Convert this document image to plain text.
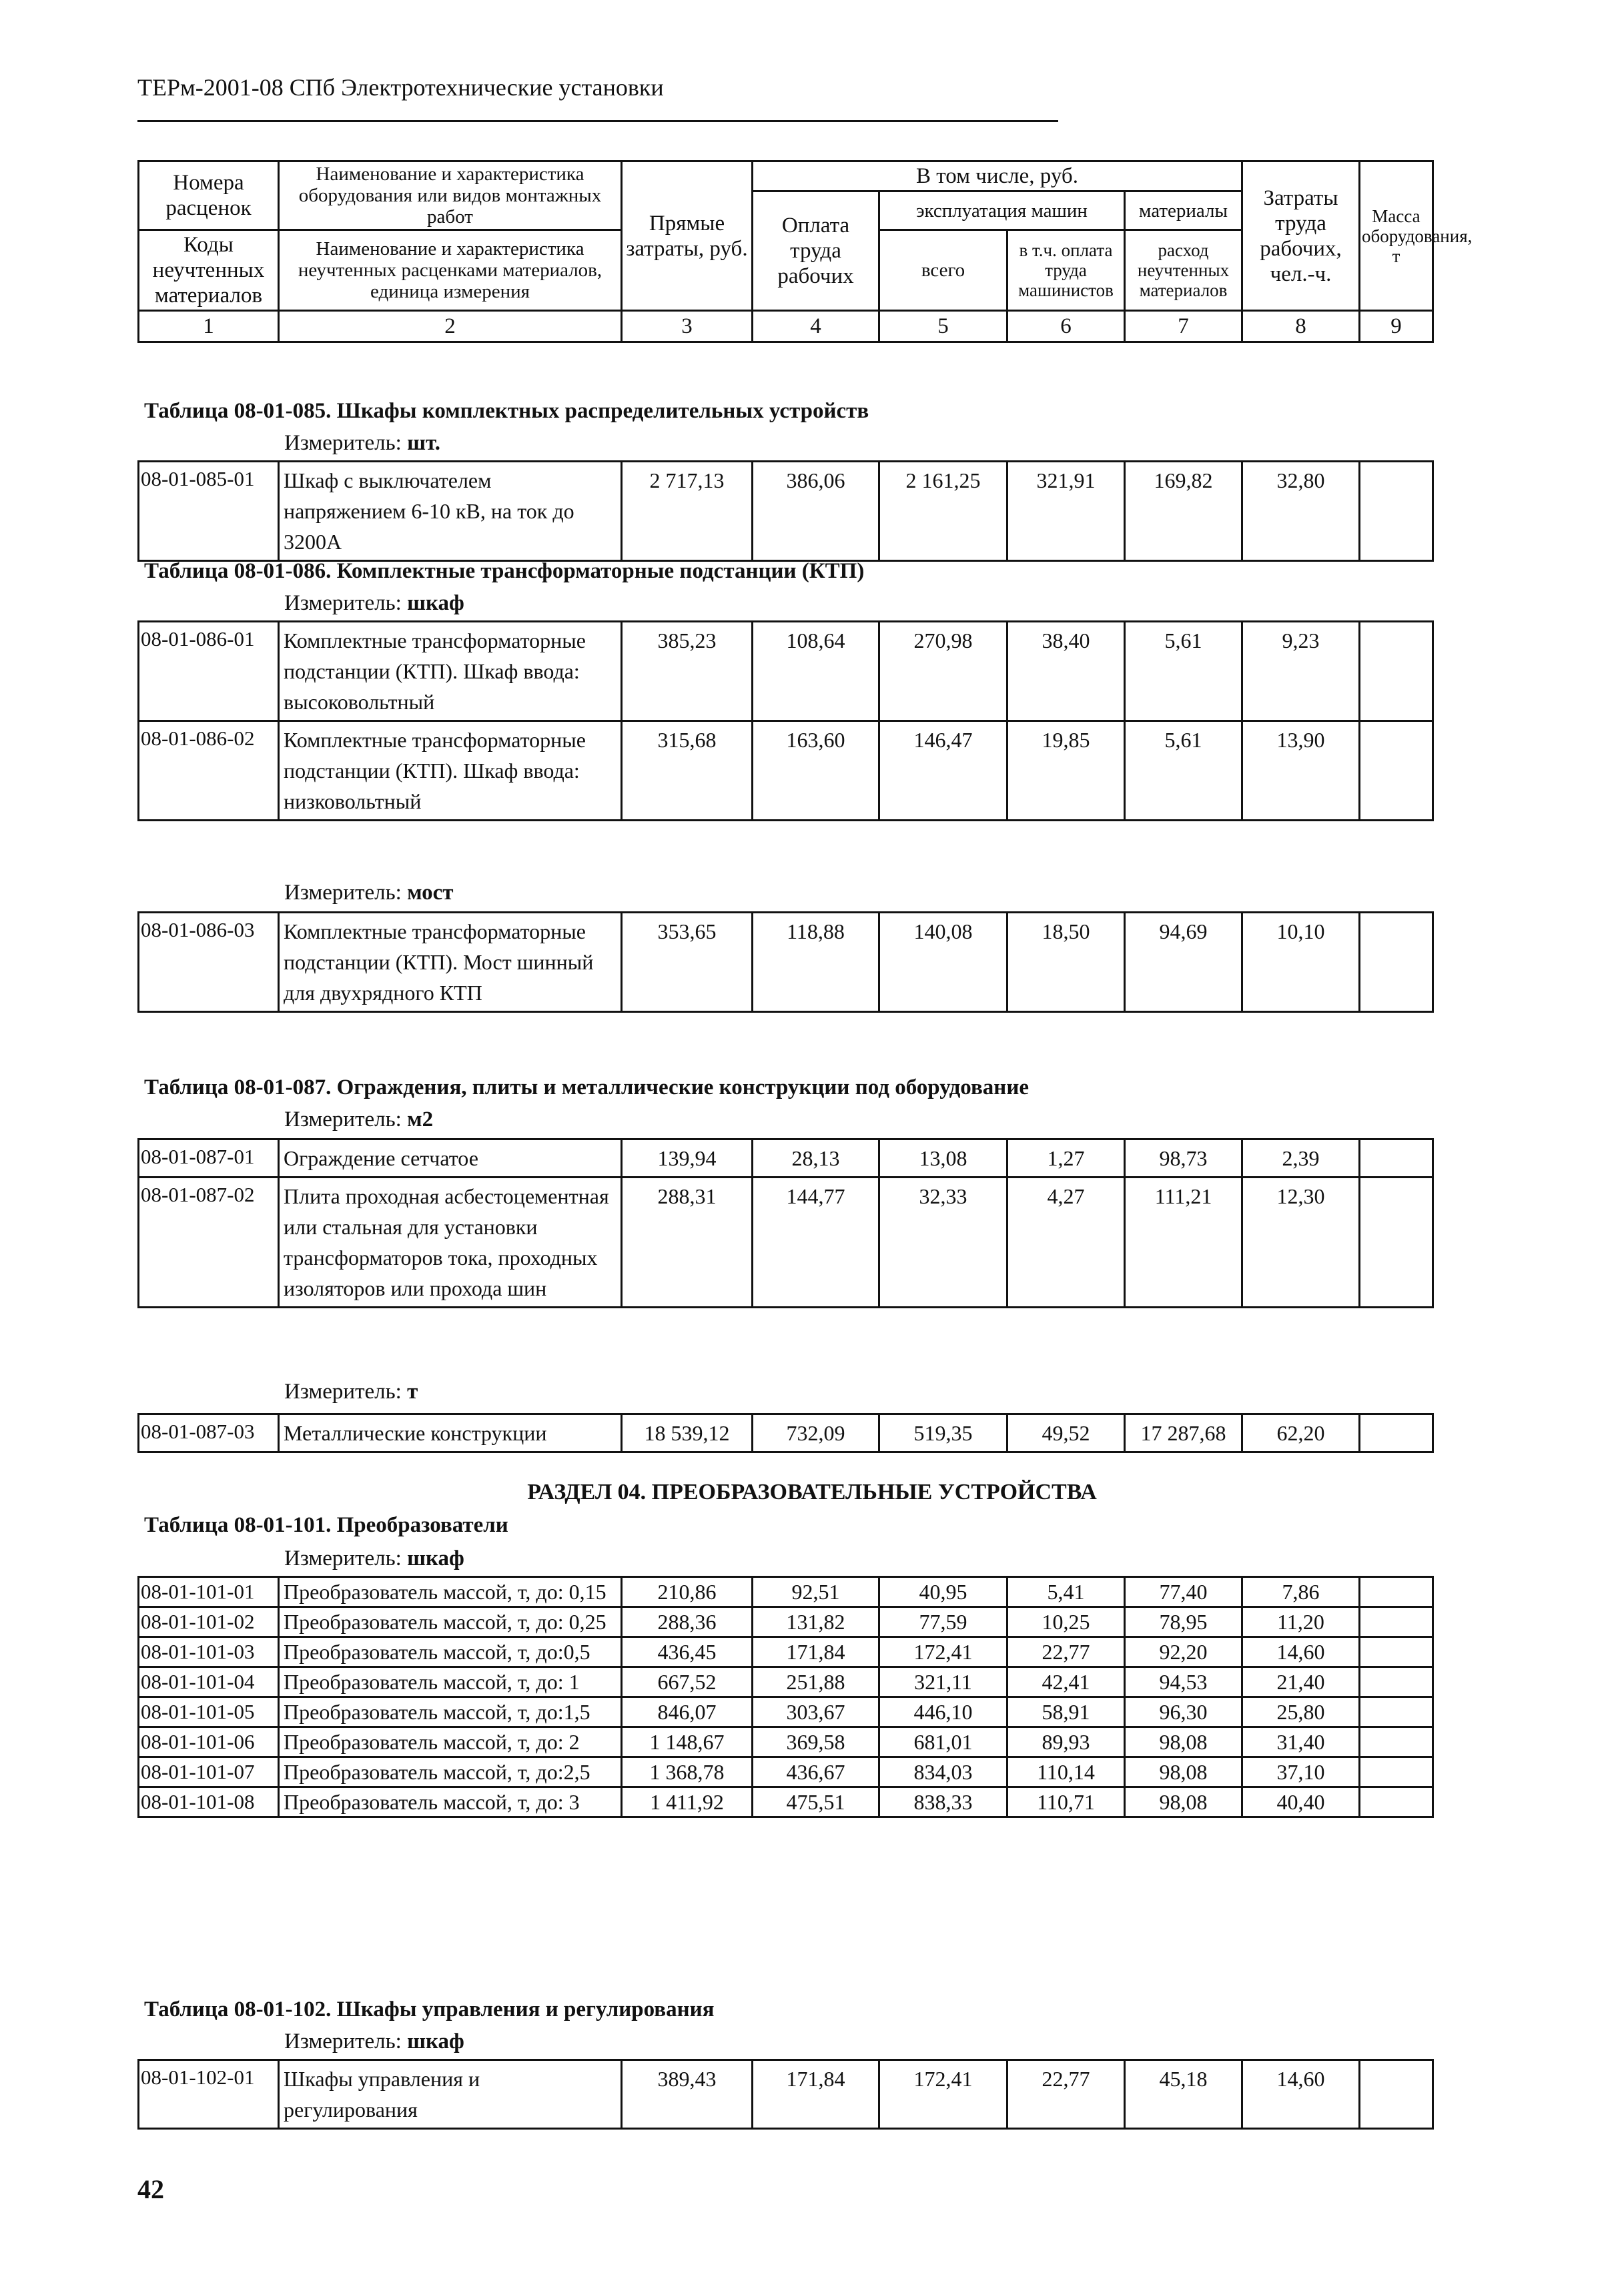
ТЕРм-2001-08 СПб Электротехнические установки
Номера расценок	Наименование и характеристика оборудования или видов монтажных работ	Прямые затраты, руб.	В том числе, руб.				Затраты труда рабочих, чел.-ч.	Масса оборудования, т
			Оплата труда рабочих	эксплуатация машин		материалы		
Коды неучтенных материалов	Наименование и характеристика неучтенных расценками материалов, единица измерения			всего	в т.ч. оплата труда машинистов	расход неучтенных материалов		

1	2	3	4	5	6	7	8	9
Таблица 08-01-085. Шкафы комплектных распределительных устройств
Измеритель: шт.
08-01-085-01	Шкаф с выключателем напряжением 6-10 кВ, на ток до 3200А	2 717,13	386,06	2 161,25	321,91	169,82	32,80	
Таблица 08-01-086. Комплектные трансформаторные подстанции (КТП)
Измеритель: шкаф
08-01-086-01	Комплектные трансформаторные подстанции (КТП). Шкаф ввода: высоковольтный	385,23	108,64	270,98	38,40	5,61	9,23	
08-01-086-02	Комплектные трансформаторные подстанции (КТП). Шкаф ввода: низковольтный	315,68	163,60	146,47	19,85	5,61	13,90	
Измеритель: мост
08-01-086-03	Комплектные трансформаторные подстанции (КТП). Мост шинный для двухрядного КТП	353,65	118,88	140,08	18,50	94,69	10,10	
Таблица 08-01-087. Ограждения, плиты и металлические конструкции под оборудование
Измеритель: м2
08-01-087-01	Ограждение сетчатое	139,94	28,13	13,08	1,27	98,73	2,39	
08-01-087-02	Плита проходная асбестоцементная или стальная для установки трансформаторов тока, проходных изоляторов или прохода шин	288,31	144,77	32,33	4,27	111,21	12,30	
Измеритель: т
08-01-087-03	Металлические конструкции	18 539,12	732,09	519,35	49,52	17 287,68	62,20	
РАЗДЕЛ 04. ПРЕОБРАЗОВАТЕЛЬНЫЕ УСТРОЙСТВА
Таблица 08-01-101. Преобразователи
Измеритель: шкаф
08-01-101-01	Преобразователь массой, т, до: 0,15	210,86	92,51	40,95	5,41	77,40	7,86	
08-01-101-02	Преобразователь массой, т, до: 0,25	288,36	131,82	77,59	10,25	78,95	11,20	
08-01-101-03	Преобразователь массой, т, до:0,5	436,45	171,84	172,41	22,77	92,20	14,60	
08-01-101-04	Преобразователь массой, т, до: 1	667,52	251,88	321,11	42,41	94,53	21,40	
08-01-101-05	Преобразователь массой, т, до:1,5	846,07	303,67	446,10	58,91	96,30	25,80	
08-01-101-06	Преобразователь массой, т, до: 2	1 148,67	369,58	681,01	89,93	98,08	31,40	
08-01-101-07	Преобразователь массой, т, до:2,5	1 368,78	436,67	834,03	110,14	98,08	37,10	
08-01-101-08	Преобразователь массой, т, до: 3	1 411,92	475,51	838,33	110,71	98,08	40,40	
Таблица 08-01-102. Шкафы управления и регулирования
Измеритель: шкаф
08-01-102-01	Шкафы управления и регулирования	389,43	171,84	172,41	22,77	45,18	14,60	
42
